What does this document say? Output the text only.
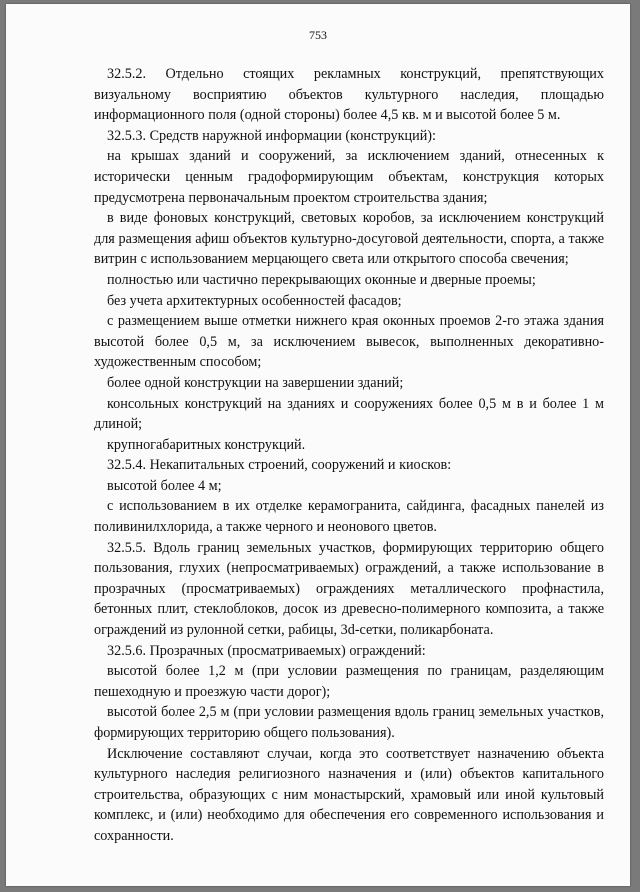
753

32.5.2. Отдельно стоящих рекламных конструкций, препятствующих визуальному восприятию объектов культурного наследия, площадью информационного поля (одной стороны) более 4,5 кв. м и высотой более 5 м.

32.5.3. Средств наружной информации (конструкций):

на крышах зданий и сооружений, за исключением зданий, отнесенных к исторически ценным градоформирующим объектам, конструкция которых предусмотрена первоначальным проектом строительства здания;

в виде фоновых конструкций, световых коробов, за исключением конструкций для размещения афиш объектов культурно-досуговой деятельности, спорта, а также витрин с использованием мерцающего света или открытого способа свечения;

полностью или частично перекрывающих оконные и дверные проемы;

без учета архитектурных особенностей фасадов;

с размещением выше отметки нижнего края оконных проемов 2-го этажа здания высотой более 0,5 м, за исключением вывесок, выполненных декоративно-художественным способом;

более одной конструкции на завершении зданий;

консольных конструкций на зданиях и сооружениях более 0,5 м в и более 1 м длиной;

крупногабаритных конструкций.

32.5.4. Некапитальных строений, сооружений и киосков:

высотой более 4 м;

с использованием в их отделке керамогранита, сайдинга, фасадных панелей из поливинилхлорида, а также черного и неонового цветов.

32.5.5. Вдоль границ земельных участков, формирующих территорию общего пользования, глухих (непросматриваемых) ограждений, а также использование в прозрачных (просматриваемых) ограждениях металлического профнастила, бетонных плит, стеклоблоков, досок из древесно-полимерного композита, а также ограждений из рулонной сетки, рабицы, 3d-сетки, поликарбоната.

32.5.6. Прозрачных (просматриваемых) ограждений:

высотой более 1,2 м (при условии размещения по границам, разделяющим пешеходную и проезжую части дорог);

высотой более 2,5 м (при условии размещения вдоль границ земельных участков, формирующих территорию общего пользования).

Исключение составляют случаи, когда это соответствует назначению объекта культурного наследия религиозного назначения и (или) объектов капитального строительства, образующих с ним монастырский, храмовый или иной культовый комплекс, и (или) необходимо для обеспечения его современного использования и сохранности.
